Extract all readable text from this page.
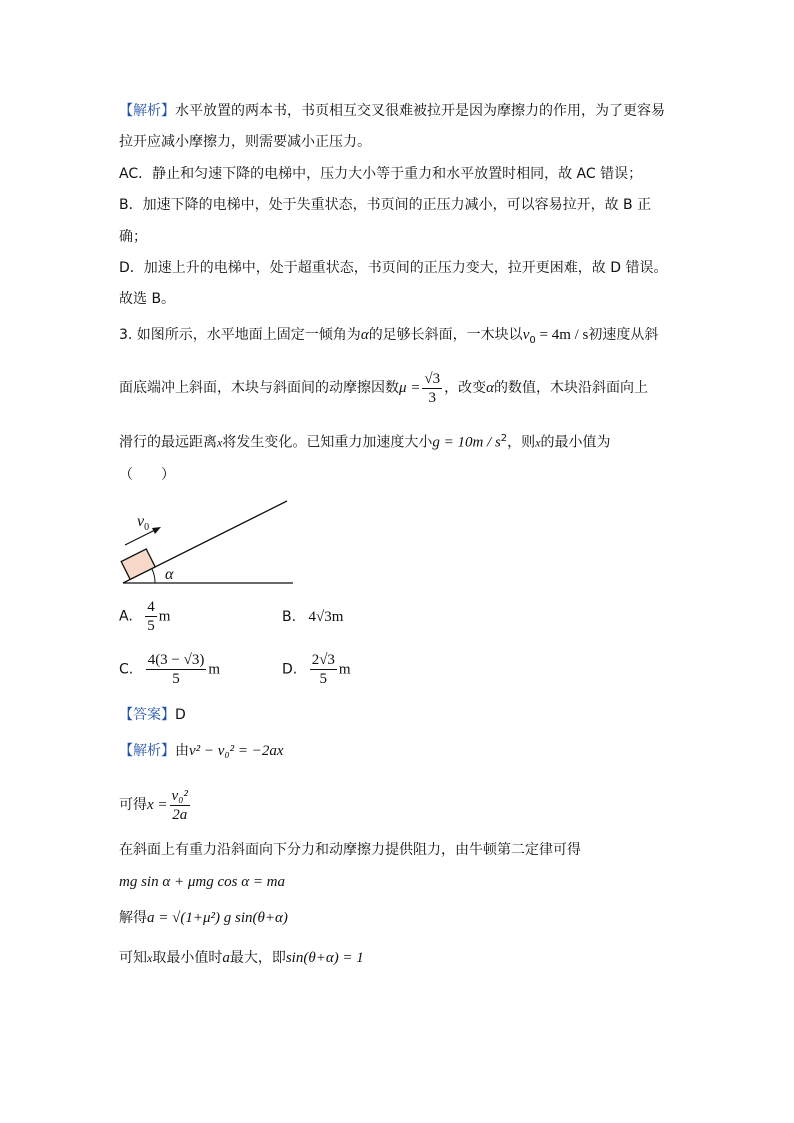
【解析】水平放置的两本书，书页相互交叉很难被拉开是因为摩擦力的作用，为了更容易
拉开应减小摩擦力，则需要减小正压力。
AC．静止和匀速下降的电梯中，压力大小等于重力和水平放置时相同，故 AC 错误；
B．加速下降的电梯中，处于失重状态，书页间的正压力减小，可以容易拉开，故 B 正
确；
D．加速上升的电梯中，处于超重状态，书页间的正压力变大，拉开更困难，故 D 错误。
故选 B。
3. 如图所示，水平地面上固定一倾角为α的足够长斜面，一木块以$v_0 = 4m / s$初速度从斜
面底端冲上斜面，木块与斜面间的动摩擦因数$\mu = \frac{√3}{3}$ ，改变α的数值，木块沿斜面向上
滑行的最远距离x将发生变化。已知重力加速度大小$g = 10m / s^2$，则x的最小值为
（　　）
$v_0$
α
A. $\frac{4}{5}$ m	B. 4√3m
C. $\frac{4(3 - √3)}{5}$ m	D. $\frac{2√3}{5}$ m
【答案】D
【解析】由v² − v₀² = −2ax
可得$x = \frac{\text{v₀²}}{2a}$
在斜面上有重力沿斜面向下分力和动摩擦力提供阻力，由牛顿第二定律可得
mg sin α + μmg cos α = ma
解得a = √(1+μ²) g sin(θ+α)
可知x取最小值时a最大，即sin(θ+α) = 1
